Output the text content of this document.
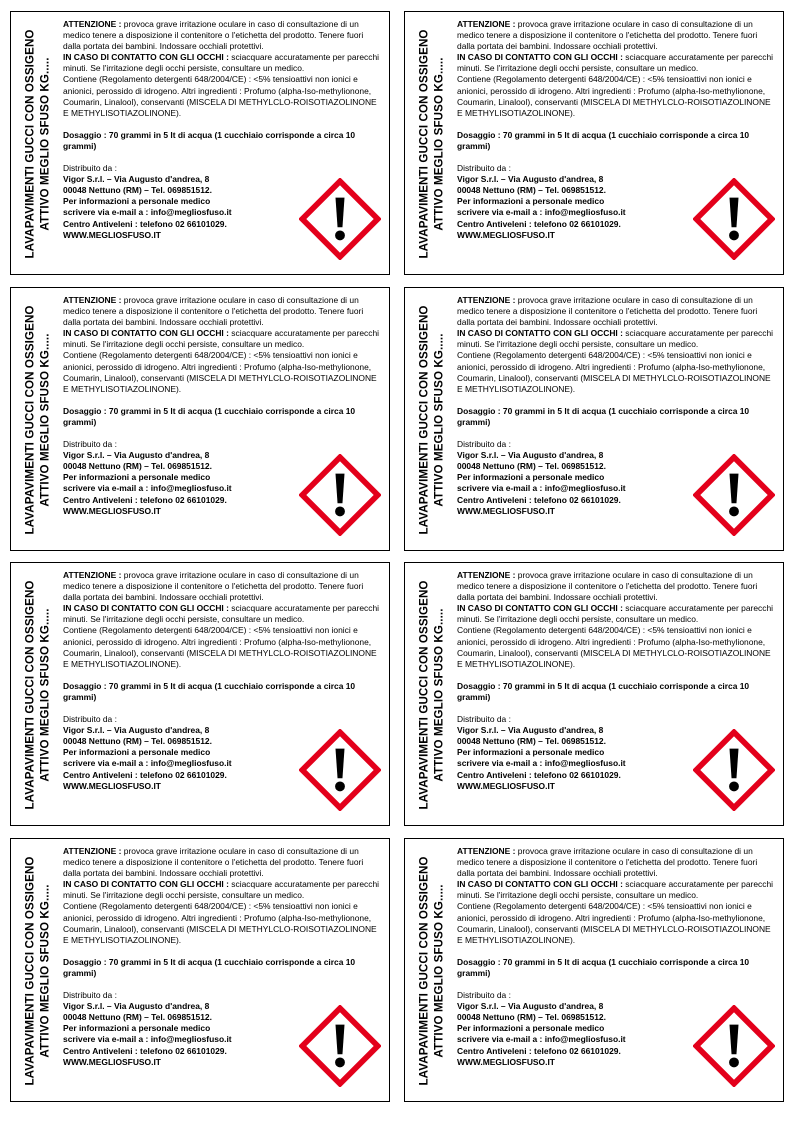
LAVAPAVIMENTI GUCCI CON OSSIGENO ATTIVO MEGLIO SFUSO KG.....

ATTENZIONE : provoca grave irritazione oculare in caso di consultazione di un medico tenere a disposizione il contenitore o l'etichetta del prodotto. Tenere fuori dalla portata dei bambini. Indossare occhiali protettivi.

IN CASO DI CONTATTO CON GLI OCCHI : sciacquare accuratamente per parecchi minuti. Se l'irritazione degli occhi persiste, consultare un medico.

Contiene (Regolamento detergenti 648/2004/CE) : <5% tensioattivi non ionici e anionici, perossido di idrogeno. Altri ingredienti : Profumo (alpha-Iso-methylionone, Coumarin, Linalool), conservanti (MISCELA DI METHYLCLO-ROISOTIAZOLINONE E METHYLISOTIAZOLINONE).

Dosaggio : 70 grammi in 5 lt di acqua (1 cucchiaio corrisponde a circa 10 grammi)

Distribuito da :

Vigor S.r.l. – Via Augusto d'andrea, 8

00048 Nettuno (RM) – Tel. 069851512.

Per informazioni a personale medico

scrivere via e-mail a : info@megliosfuso.it

Centro Antiveleni : telefono 02 66101029.

WWW.MEGLIOSFUSO.IT	LAVAPAVIMENTI GUCCI CON OSSIGENO ATTIVO MEGLIO SFUSO KG.....

ATTENZIONE : provoca grave irritazione oculare in caso di consultazione di un medico tenere a disposizione il contenitore o l'etichetta del prodotto. Tenere fuori dalla portata dei bambini. Indossare occhiali protettivi.

IN CASO DI CONTATTO CON GLI OCCHI : sciacquare accuratamente per parecchi minuti. Se l'irritazione degli occhi persiste, consultare un medico.

Contiene (Regolamento detergenti 648/2004/CE) : <5% tensioattivi non ionici e anionici, perossido di idrogeno. Altri ingredienti : Profumo (alpha-Iso-methylionone, Coumarin, Linalool), conservanti (MISCELA DI METHYLCLO-ROISOTIAZOLINONE E METHYLISOTIAZOLINONE).

Dosaggio : 70 grammi in 5 lt di acqua (1 cucchiaio corrisponde a circa 10 grammi)

Distribuito da :

Vigor S.r.l. – Via Augusto d'andrea, 8

00048 Nettuno (RM) – Tel. 069851512.

Per informazioni a personale medico

scrivere via e-mail a : info@megliosfuso.it

Centro Antiveleni : telefono 02 66101029.

WWW.MEGLIOSFUSO.IT

LAVAPAVIMENTI GUCCI CON OSSIGENO ATTIVO MEGLIO SFUSO KG.....

ATTENZIONE : provoca grave irritazione oculare in caso di consultazione di un medico tenere a disposizione il contenitore o l'etichetta del prodotto. Tenere fuori dalla portata dei bambini. Indossare occhiali protettivi.

IN CASO DI CONTATTO CON GLI OCCHI : sciacquare accuratamente per parecchi minuti. Se l'irritazione degli occhi persiste, consultare un medico.

Contiene (Regolamento detergenti 648/2004/CE) : <5% tensioattivi non ionici e anionici, perossido di idrogeno. Altri ingredienti : Profumo (alpha-Iso-methylionone, Coumarin, Linalool), conservanti (MISCELA DI METHYLCLO-ROISOTIAZOLINONE E METHYLISOTIAZOLINONE).

Dosaggio : 70 grammi in 5 lt di acqua (1 cucchiaio corrisponde a circa 10 grammi)

Distribuito da :

Vigor S.r.l. – Via Augusto d'andrea, 8

00048 Nettuno (RM) – Tel. 069851512.

Per informazioni a personale medico

scrivere via e-mail a : info@megliosfuso.it

Centro Antiveleni : telefono 02 66101029.

WWW.MEGLIOSFUSO.IT	LAVAPAVIMENTI GUCCI CON OSSIGENO ATTIVO MEGLIO SFUSO KG.....

ATTENZIONE : provoca grave irritazione oculare in caso di consultazione di un medico tenere a disposizione il contenitore o l'etichetta del prodotto. Tenere fuori dalla portata dei bambini. Indossare occhiali protettivi.

IN CASO DI CONTATTO CON GLI OCCHI : sciacquare accuratamente per parecchi minuti. Se l'irritazione degli occhi persiste, consultare un medico.

Contiene (Regolamento detergenti 648/2004/CE) : <5% tensioattivi non ionici e anionici, perossido di idrogeno. Altri ingredienti : Profumo (alpha-Iso-methylionone, Coumarin, Linalool), conservanti (MISCELA DI METHYLCLO-ROISOTIAZOLINONE E METHYLISOTIAZOLINONE).

Dosaggio : 70 grammi in 5 lt di acqua (1 cucchiaio corrisponde a circa 10 grammi)

Distribuito da :

Vigor S.r.l. – Via Augusto d'andrea, 8

00048 Nettuno (RM) – Tel. 069851512.

Per informazioni a personale medico

scrivere via e-mail a : info@megliosfuso.it

Centro Antiveleni : telefono 02 66101029.

WWW.MEGLIOSFUSO.IT

LAVAPAVIMENTI GUCCI CON OSSIGENO ATTIVO MEGLIO SFUSO KG.....

ATTENZIONE : provoca grave irritazione oculare in caso di consultazione di un medico tenere a disposizione il contenitore o l'etichetta del prodotto. Tenere fuori dalla portata dei bambini. Indossare occhiali protettivi.

IN CASO DI CONTATTO CON GLI OCCHI : sciacquare accuratamente per parecchi minuti. Se l'irritazione degli occhi persiste, consultare un medico.

Contiene (Regolamento detergenti 648/2004/CE) : <5% tensioattivi non ionici e anionici, perossido di idrogeno. Altri ingredienti : Profumo (alpha-Iso-methylionone, Coumarin, Linalool), conservanti (MISCELA DI METHYLCLO-ROISOTIAZOLINONE E METHYLISOTIAZOLINONE).

Dosaggio : 70 grammi in 5 lt di acqua (1 cucchiaio corrisponde a circa 10 grammi)

Distribuito da :

Vigor S.r.l. – Via Augusto d'andrea, 8

00048 Nettuno (RM) – Tel. 069851512.

Per informazioni a personale medico

scrivere via e-mail a : info@megliosfuso.it

Centro Antiveleni : telefono 02 66101029.

WWW.MEGLIOSFUSO.IT	LAVAPAVIMENTI GUCCI CON OSSIGENO ATTIVO MEGLIO SFUSO KG.....

ATTENZIONE : provoca grave irritazione oculare in caso di consultazione di un medico tenere a disposizione il contenitore o l'etichetta del prodotto. Tenere fuori dalla portata dei bambini. Indossare occhiali protettivi.

IN CASO DI CONTATTO CON GLI OCCHI : sciacquare accuratamente per parecchi minuti. Se l'irritazione degli occhi persiste, consultare un medico.

Contiene (Regolamento detergenti 648/2004/CE) : <5% tensioattivi non ionici e anionici, perossido di idrogeno. Altri ingredienti : Profumo (alpha-Iso-methylionone, Coumarin, Linalool), conservanti (MISCELA DI METHYLCLO-ROISOTIAZOLINONE E METHYLISOTIAZOLINONE).

Dosaggio : 70 grammi in 5 lt di acqua (1 cucchiaio corrisponde a circa 10 grammi)

Distribuito da :

Vigor S.r.l. – Via Augusto d'andrea, 8

00048 Nettuno (RM) – Tel. 069851512.

Per informazioni a personale medico

scrivere via e-mail a : info@megliosfuso.it

Centro Antiveleni : telefono 02 66101029.

WWW.MEGLIOSFUSO.IT

LAVAPAVIMENTI GUCCI CON OSSIGENO ATTIVO MEGLIO SFUSO KG.....

ATTENZIONE : provoca grave irritazione oculare in caso di consultazione di un medico tenere a disposizione il contenitore o l'etichetta del prodotto. Tenere fuori dalla portata dei bambini. Indossare occhiali protettivi.

IN CASO DI CONTATTO CON GLI OCCHI : sciacquare accuratamente per parecchi minuti. Se l'irritazione degli occhi persiste, consultare un medico.

Contiene (Regolamento detergenti 648/2004/CE) : <5% tensioattivi non ionici e anionici, perossido di idrogeno. Altri ingredienti : Profumo (alpha-Iso-methylionone, Coumarin, Linalool), conservanti (MISCELA DI METHYLCLO-ROISOTIAZOLINONE E METHYLISOTIAZOLINONE).

Dosaggio : 70 grammi in 5 lt di acqua (1 cucchiaio corrisponde a circa 10 grammi)

Distribuito da :

Vigor S.r.l. – Via Augusto d'andrea, 8

00048 Nettuno (RM) – Tel. 069851512.

Per informazioni a personale medico

scrivere via e-mail a : info@megliosfuso.it

Centro Antiveleni : telefono 02 66101029.

WWW.MEGLIOSFUSO.IT	LAVAPAVIMENTI GUCCI CON OSSIGENO ATTIVO MEGLIO SFUSO KG.....

ATTENZIONE : provoca grave irritazione oculare in caso di consultazione di un medico tenere a disposizione il contenitore o l'etichetta del prodotto. Tenere fuori dalla portata dei bambini. Indossare occhiali protettivi.

IN CASO DI CONTATTO CON GLI OCCHI : sciacquare accuratamente per parecchi minuti. Se l'irritazione degli occhi persiste, consultare un medico.

Contiene (Regolamento detergenti 648/2004/CE) : <5% tensioattivi non ionici e anionici, perossido di idrogeno. Altri ingredienti : Profumo (alpha-Iso-methylionone, Coumarin, Linalool), conservanti (MISCELA DI METHYLCLO-ROISOTIAZOLINONE E METHYLISOTIAZOLINONE).

Dosaggio : 70 grammi in 5 lt di acqua (1 cucchiaio corrisponde a circa 10 grammi)

Distribuito da :

Vigor S.r.l. – Via Augusto d'andrea, 8

00048 Nettuno (RM) – Tel. 069851512.

Per informazioni a personale medico

scrivere via e-mail a : info@megliosfuso.it

Centro Antiveleni : telefono 02 66101029.

WWW.MEGLIOSFUSO.IT
